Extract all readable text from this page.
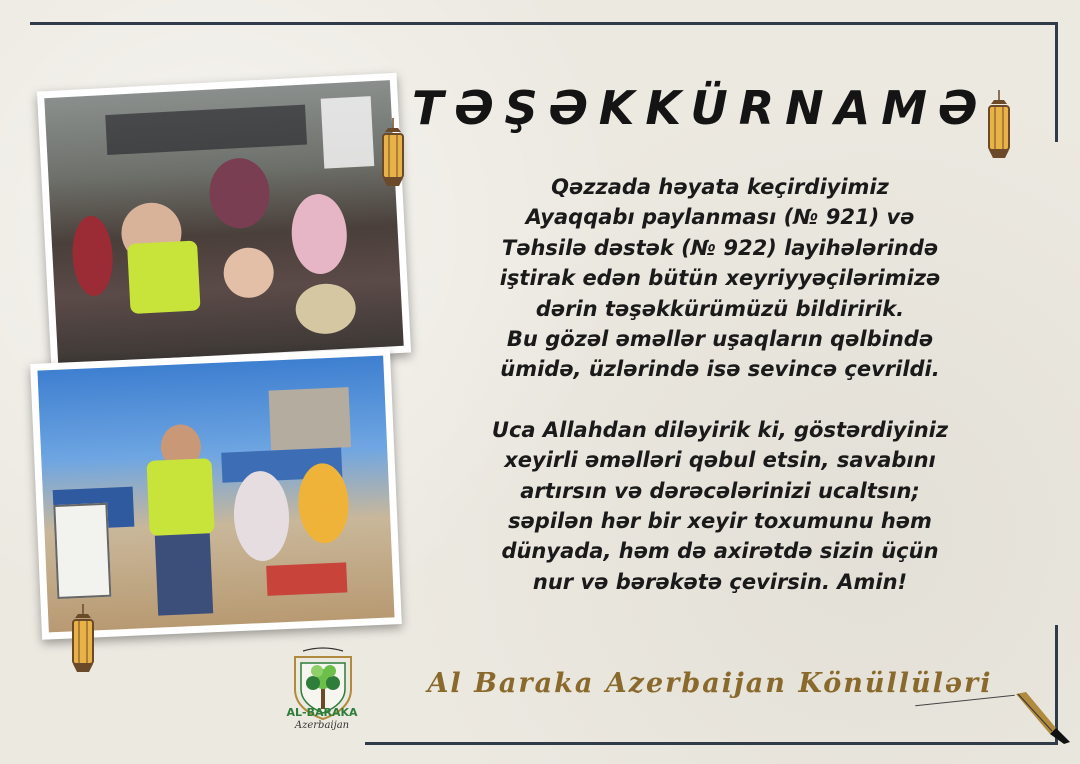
TƏŞƏKKÜRNAMƏ
Qəzzada həyata keçirdiyimiz
Ayaqqabı paylanması (№ 921) və
Təhsilə dəstək (№ 922) layihələrində
iştirak edən bütün xeyriyyəçilərimizə
dərin təşəkkürümüzü bildiririk.
Bu gözəl əməllər uşaqların qəlbində
ümidə, üzlərində isə sevincə çevrildi.
Uca Allahdan diləyirik ki, göstərdiyiniz
xeyirli əməlləri qəbul etsin, savabını
artırsın və dərəcələrinizi ucaltsın;
səpilən hər bir xeyir toxumunu həm
dünyada, həm də axirətdə sizin üçün
nur və bərəkətə çevirsin. Amin!
Al Baraka Azerbaijan Könüllüləri
AL-BARAKA
Azerbaijan
